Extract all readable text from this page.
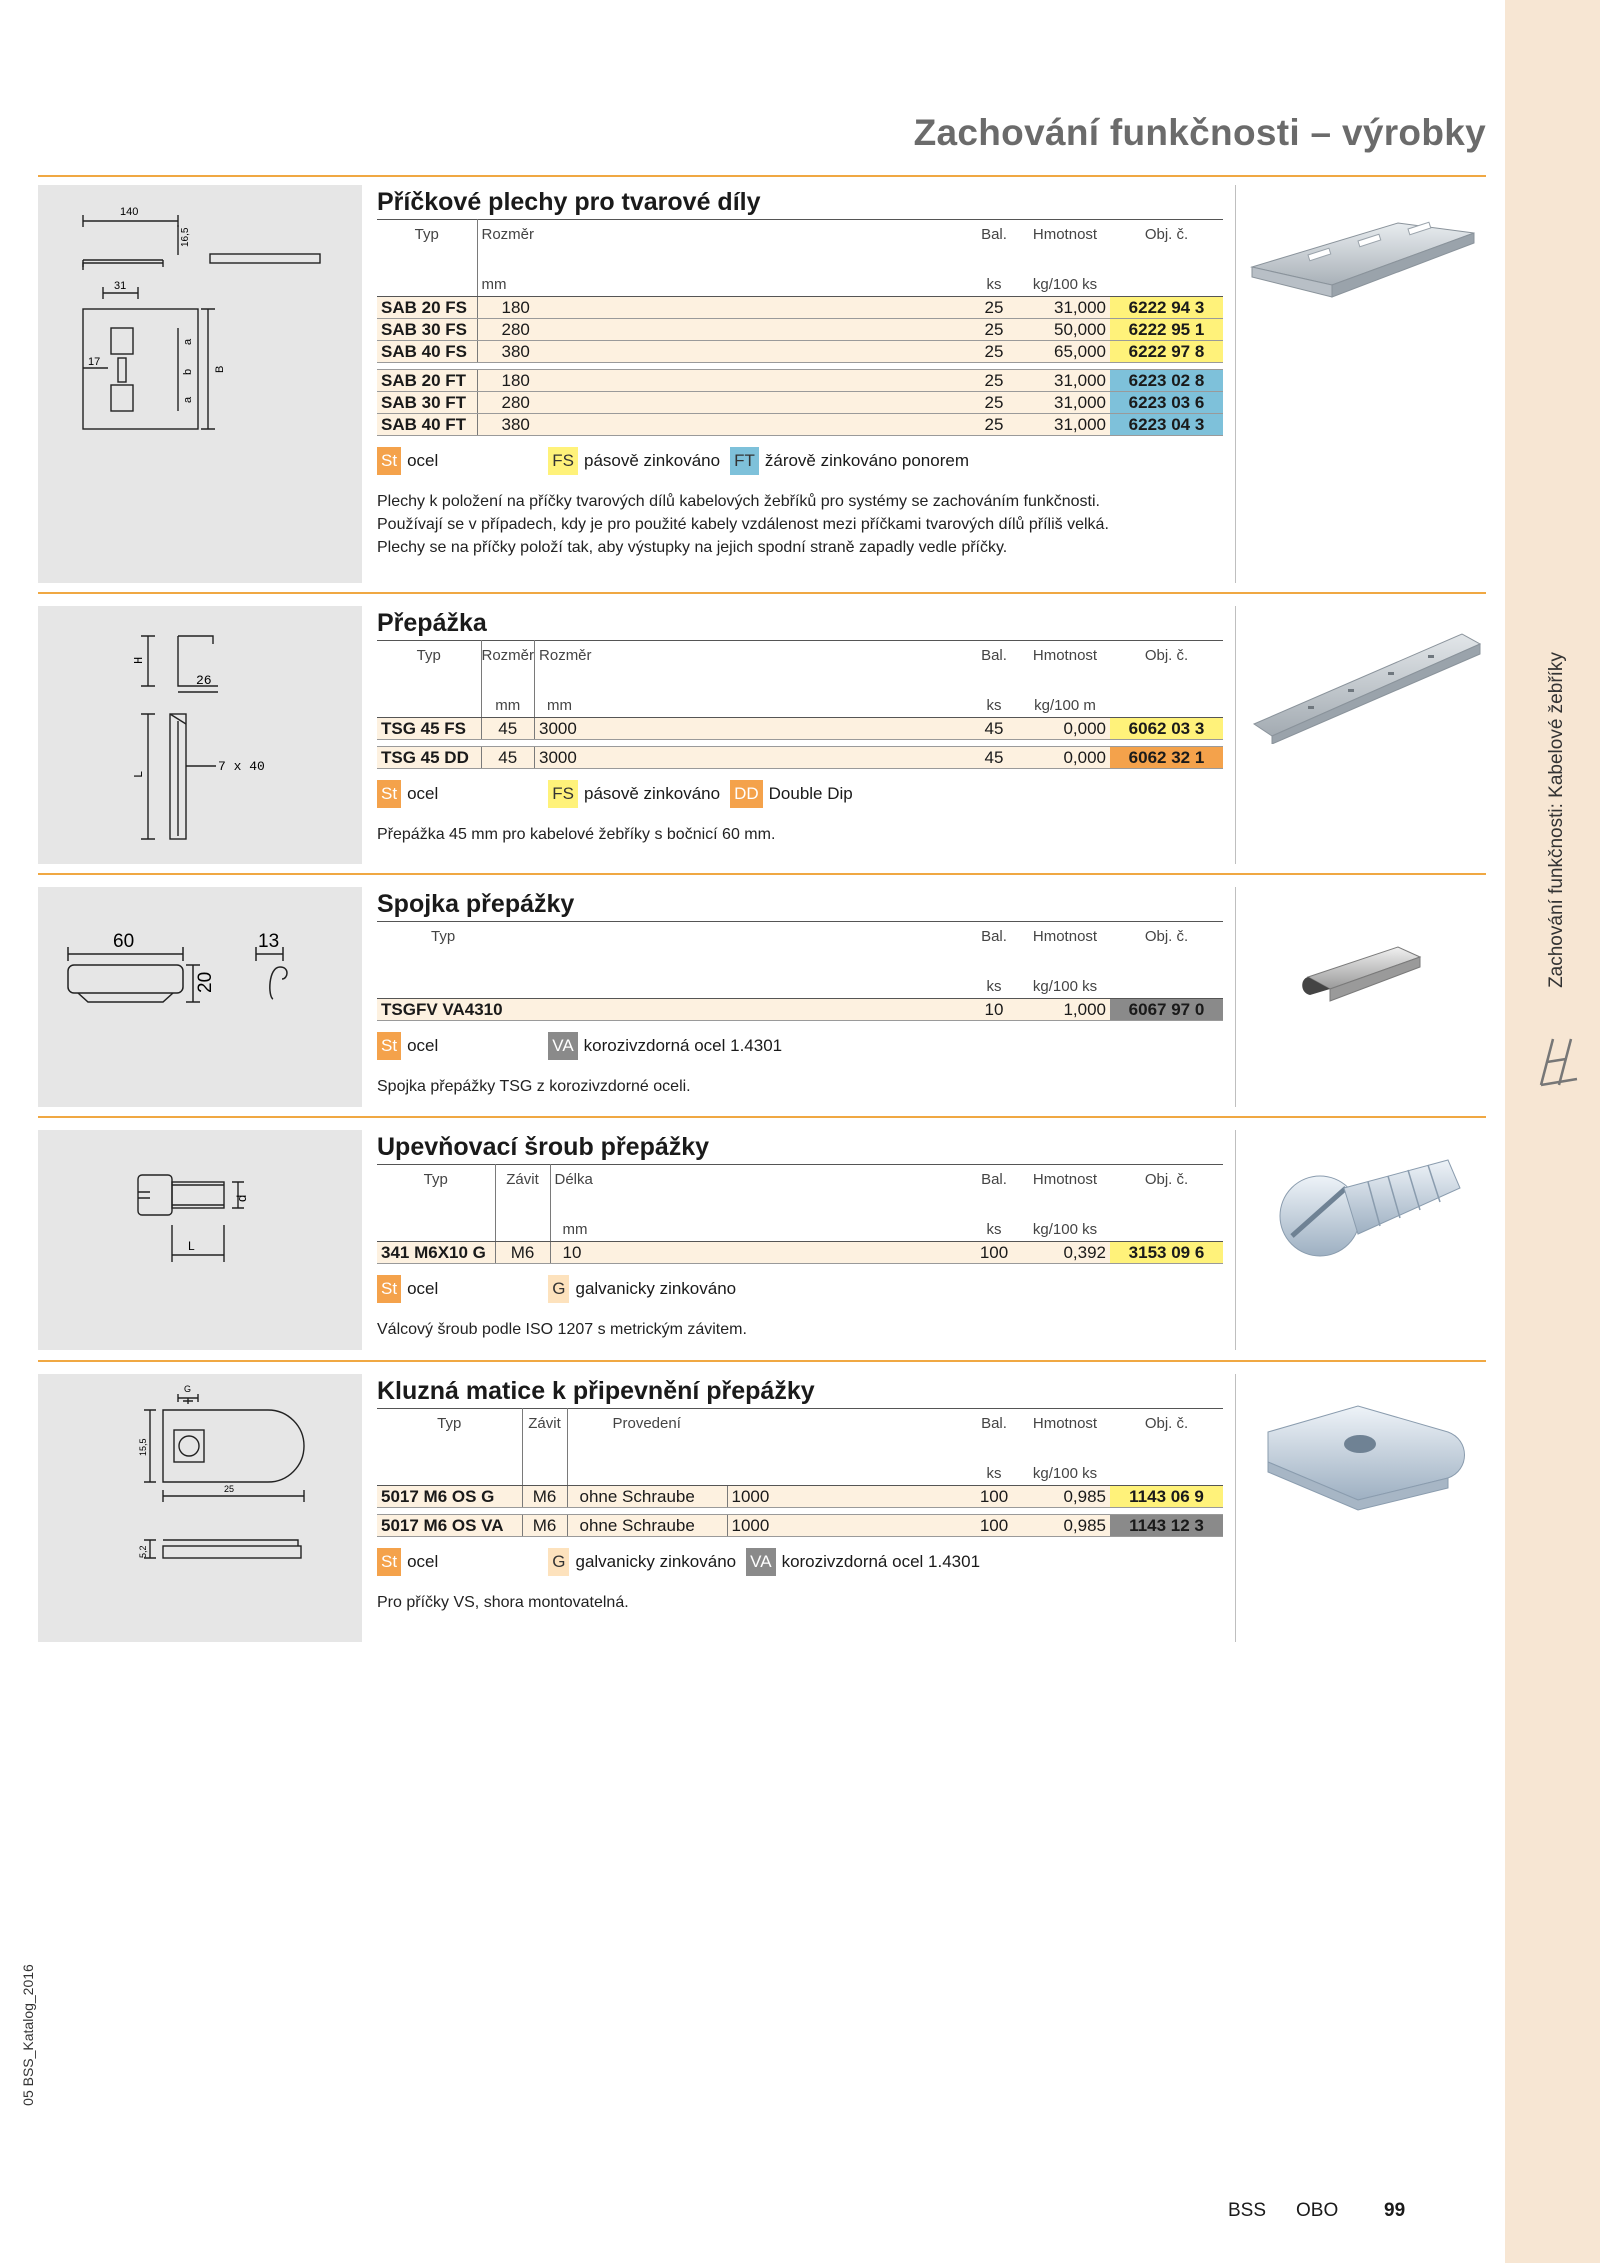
Zachování funkčnosti: Kabelové žebříky
05 BSS_Katalog_2016
Zachování funkčnosti – výrobky
140
16,5
31
17
a
b
a
B
Příčkové plechy pro tvarové díly
Typ	Rozměr	Bal.	Hmotnost	Obj. č.
	mm	ks	kg/100 ks	
SAB 20 FS	180	25	31,000	6222 94 3
SAB 30 FS	280	25	50,000	6222 95 1
SAB 40 FS	380	25	65,000	6222 97 8

SAB 20 FT	180	25	31,000	6223 02 8
SAB 30 FT	280	25	31,000	6223 03 6
SAB 40 FT	380	25	31,000	6223 04 3
St ocel	FS pásově zinkováno FT žárově zinkováno ponorem
Plechy k položení na příčky tvarových dílů kabelových žebříků pro systémy se zachováním funkčnosti.
Používají se v případech, kdy je pro použité kabely vzdálenost mezi příčkami tvarových dílů příliš velká.
Plechy se na příčky položí tak, aby výstupky na jejich spodní straně zapadly vedle příčky.
H
26
L
7 x 40
Přepážka
Typ	Rozměr	Rozměr	Bal.	Hmotnost	Obj. č.
	mm	mm	ks	kg/100 m	
TSG 45 FS	45	3000	45	0,000	6062 03 3

TSG 45 DD	45	3000	45	0,000	6062 32 1
St ocel	FS pásově zinkováno DD Double Dip
Přepážka 45 mm pro kabelové žebříky s bočnicí 60 mm.
60	13
20
Spojka přepážky
Typ	Bal.	Hmotnost	Obj. č.
	ks	kg/100 ks	
TSGFV VA4310	10	1,000	6067 97 0
St ocel	VA korozivzdorná ocel 1.4301
Spojka přepážky TSG z korozivzdorné oceli.
d
L
Upevňovací šroub přepážky
Typ	Závit	Délka	Bal.	Hmotnost	Obj. č.
		mm	ks	kg/100 ks	
341 M6X10 G	M6	10	100	0,392	3153 09 6
St ocel	G galvanicky zinkováno
Válcový šroub podle ISO 1207 s metrickým závitem.
G
15,5
25
5,2
Kluzná matice k připevnění přepážky
Typ	Závit	Provedení		Bal.	Hmotnost	Obj. č.
				ks	kg/100 ks	
5017 M6 OS G	M6	ohne Schraube	1000	100	0,985	1143 06 9

5017 M6 OS VA	M6	ohne Schraube	1000	100	0,985	1143 12 3
St ocel	G galvanicky zinkováno VA korozivzdorná ocel 1.4301
Pro příčky VS, shora montovatelná.
BSS OBO 99
